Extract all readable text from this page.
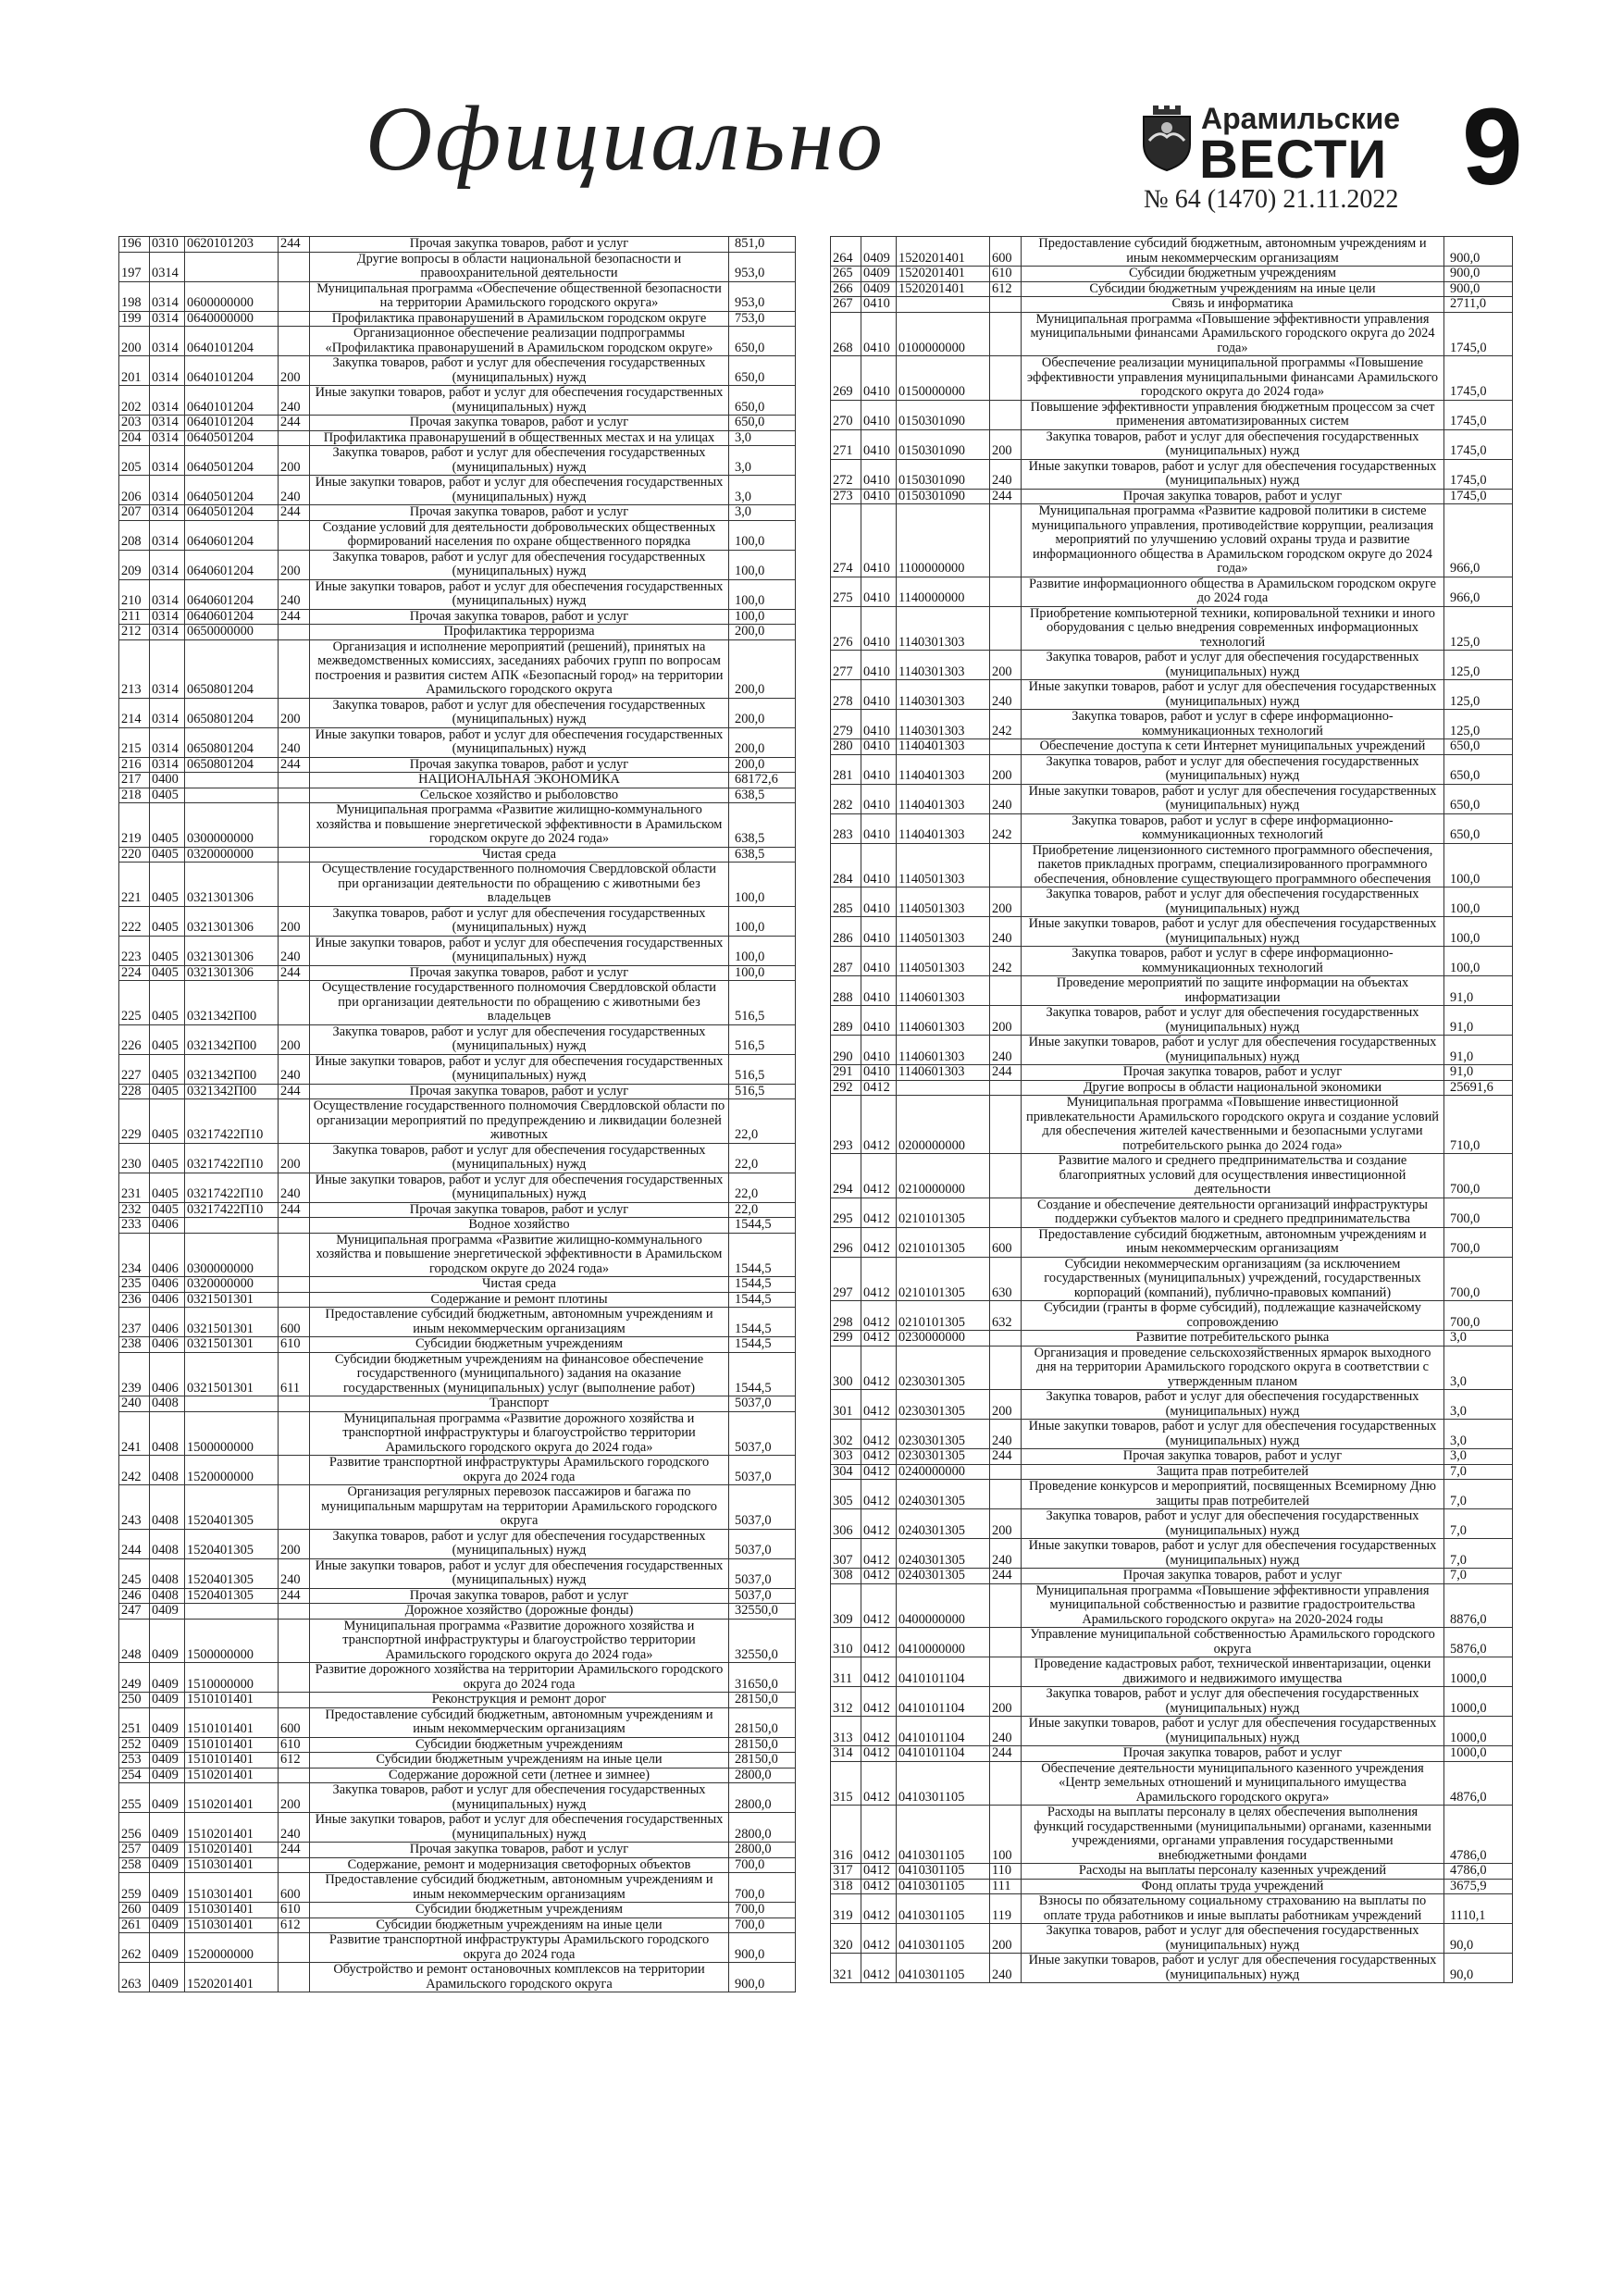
Официально	Арамильские
ВЕСТИ
№ 64 (1470) 21.11.2022 9
196	0310	0620101203	244	Прочая закупка товаров, работ и услуг	851,0
197	0314			Другие вопросы в области национальной безопасности и правоохранительной деятельности	953,0
198	0314	0600000000		Муниципальная программа «Обеспечение общественной безопасности на территории Арамильского городского округа»	953,0
199	0314	0640000000		Профилактика правонарушений в Арамильском городском округе	753,0
200	0314	0640101204		Организационное обеспечение реализации подпрограммы «Профилактика правонарушений в Арамильском городском округе»	650,0
201	0314	0640101204	200	Закупка товаров, работ и услуг для обеспечения государственных (муниципальных) нужд	650,0
202	0314	0640101204	240	Иные закупки товаров, работ и услуг для обеспечения государственных (муниципальных) нужд	650,0
203	0314	0640101204	244	Прочая закупка товаров, работ и услуг	650,0
204	0314	0640501204		Профилактика правонарушений в общественных местах и на улицах	3,0
205	0314	0640501204	200	Закупка товаров, работ и услуг для обеспечения государственных (муниципальных) нужд	3,0
206	0314	0640501204	240	Иные закупки товаров, работ и услуг для обеспечения государственных (муниципальных) нужд	3,0
207	0314	0640501204	244	Прочая закупка товаров, работ и услуг	3,0
208	0314	0640601204		Создание условий для деятельности добровольческих общественных формирований населения по охране общественного порядка	100,0
209	0314	0640601204	200	Закупка товаров, работ и услуг для обеспечения государственных (муниципальных) нужд	100,0
210	0314	0640601204	240	Иные закупки товаров, работ и услуг для обеспечения государственных (муниципальных) нужд	100,0
211	0314	0640601204	244	Прочая закупка товаров, работ и услуг	100,0
212	0314	0650000000		Профилактика терроризма	200,0
213	0314	0650801204		Организация и исполнение мероприятий (решений), принятых на межведомственных комиссиях, заседаниях рабочих групп по вопросам построения и развития систем АПК «Безопасный город» на территории Арамильского городского округа	200,0
214	0314	0650801204	200	Закупка товаров, работ и услуг для обеспечения государственных (муниципальных) нужд	200,0
215	0314	0650801204	240	Иные закупки товаров, работ и услуг для обеспечения государственных (муниципальных) нужд	200,0
216	0314	0650801204	244	Прочая закупка товаров, работ и услуг	200,0
217	0400			НАЦИОНАЛЬНАЯ ЭКОНОМИКА	68172,6
218	0405			Сельское хозяйство и рыболовство	638,5
219	0405	0300000000		Муниципальная программа «Развитие жилищно-коммунального хозяйства и повышение энергетической эффективности в Арамильском городском округе до 2024 года»	638,5
220	0405	0320000000		Чистая среда	638,5
221	0405	0321301306		Осуществление государственного полномочия Свердловской области при организации деятельности по обращению с животными без владельцев	100,0
222	0405	0321301306	200	Закупка товаров, работ и услуг для обеспечения государственных (муниципальных) нужд	100,0
223	0405	0321301306	240	Иные закупки товаров, работ и услуг для обеспечения государственных (муниципальных) нужд	100,0
224	0405	0321301306	244	Прочая закупка товаров, работ и услуг	100,0
225	0405	0321342П00		Осуществление государственного полномочия Свердловской области при организации деятельности по обращению с животными без владельцев	516,5
226	0405	0321342П00	200	Закупка товаров, работ и услуг для обеспечения государственных (муниципальных) нужд	516,5
227	0405	0321342П00	240	Иные закупки товаров, работ и услуг для обеспечения государственных (муниципальных) нужд	516,5
228	0405	0321342П00	244	Прочая закупка товаров, работ и услуг	516,5
229	0405	03217422П10		Осуществление государственного полномочия Свердловской области по организации мероприятий по предупреждению и ликвидации болезней животных	22,0
230	0405	03217422П10	200	Закупка товаров, работ и услуг для обеспечения государственных (муниципальных) нужд	22,0
231	0405	03217422П10	240	Иные закупки товаров, работ и услуг для обеспечения государственных (муниципальных) нужд	22,0
232	0405	03217422П10	244	Прочая закупка товаров, работ и услуг	22,0
233	0406			Водное хозяйство	1544,5
234	0406	0300000000		Муниципальная программа «Развитие жилищно-коммунального хозяйства и повышение энергетической эффективности в Арамильском городском округе до 2024 года»	1544,5
235	0406	0320000000		Чистая среда	1544,5
236	0406	0321501301		Содержание и ремонт плотины	1544,5
237	0406	0321501301	600	Предоставление субсидий бюджетным, автономным учреждениям и иным некоммерческим организациям	1544,5
238	0406	0321501301	610	Субсидии бюджетным учреждениям	1544,5
239	0406	0321501301	611	Субсидии бюджетным учреждениям на финансовое обеспечение государственного (муниципального) задания на оказание государственных (муниципальных) услуг (выполнение работ)	1544,5
240	0408			Транспорт	5037,0
241	0408	1500000000		Муниципальная программа «Развитие дорожного хозяйства и транспортной инфраструктуры и благоустройство территории Арамильского городского округа до 2024 года»	5037,0
242	0408	1520000000		Развитие транспортной инфраструктуры Арамильского городского округа до 2024 года	5037,0
243	0408	1520401305		Организация регулярных перевозок пассажиров и багажа по муниципальным маршрутам на территории Арамильского городского округа	5037,0
244	0408	1520401305	200	Закупка товаров, работ и услуг для обеспечения государственных (муниципальных) нужд	5037,0
245	0408	1520401305	240	Иные закупки товаров, работ и услуг для обеспечения государственных (муниципальных) нужд	5037,0
246	0408	1520401305	244	Прочая закупка товаров, работ и услуг	5037,0
247	0409			Дорожное хозяйство (дорожные фонды)	32550,0
248	0409	1500000000		Муниципальная программа «Развитие дорожного хозяйства и транспортной инфраструктуры и благоустройство территории Арамильского городского округа до 2024 года»	32550,0
249	0409	1510000000		Развитие дорожного хозяйства на территории Арамильского городского округа до 2024 года	31650,0
250	0409	1510101401		Реконструкция и ремонт дорог	28150,0
251	0409	1510101401	600	Предоставление субсидий бюджетным, автономным учреждениям и иным некоммерческим организациям	28150,0
252	0409	1510101401	610	Субсидии бюджетным учреждениям	28150,0
253	0409	1510101401	612	Субсидии бюджетным учреждениям на иные цели	28150,0
254	0409	1510201401		Содержание дорожной сети (летнее и зимнее)	2800,0
255	0409	1510201401	200	Закупка товаров, работ и услуг для обеспечения государственных (муниципальных) нужд	2800,0
256	0409	1510201401	240	Иные закупки товаров, работ и услуг для обеспечения государственных (муниципальных) нужд	2800,0
257	0409	1510201401	244	Прочая закупка товаров, работ и услуг	2800,0
258	0409	1510301401		Содержание, ремонт и модернизация светофорных объектов	700,0
259	0409	1510301401	600	Предоставление субсидий бюджетным, автономным учреждениям и иным некоммерческим организациям	700,0
260	0409	1510301401	610	Субсидии бюджетным учреждениям	700,0
261	0409	1510301401	612	Субсидии бюджетным учреждениям на иные цели	700,0
262	0409	1520000000		Развитие транспортной инфраструктуры Арамильского городского округа до 2024 года	900,0
263	0409	1520201401		Обустройство и ремонт остановочных комплексов на территории Арамильского городского округа	900,0
264	0409	1520201401	600	Предоставление субсидий бюджетным, автономным учреждениям и иным некоммерческим организациям	900,0
265	0409	1520201401	610	Субсидии бюджетным учреждениям	900,0
266	0409	1520201401	612	Субсидии бюджетным учреждениям на иные цели	900,0
267	0410			Связь и информатика	2711,0
268	0410	0100000000		Муниципальная программа «Повышение эффективности управления муниципальными финансами Арамильского городского округа до 2024 года»	1745,0
269	0410	0150000000		Обеспечение реализации муниципальной программы «Повышение эффективности управления муниципальными финансами Арамильского городского округа до 2024 года»	1745,0
270	0410	0150301090		Повышение эффективности управления бюджетным процессом за счет применения автоматизированных систем	1745,0
271	0410	0150301090	200	Закупка товаров, работ и услуг для обеспечения государственных (муниципальных) нужд	1745,0
272	0410	0150301090	240	Иные закупки товаров, работ и услуг для обеспечения государственных (муниципальных) нужд	1745,0
273	0410	0150301090	244	Прочая закупка товаров, работ и услуг	1745,0
274	0410	1100000000		Муниципальная программа «Развитие кадровой политики в системе муниципального управления, противодействие коррупции, реализация мероприятий по улучшению условий охраны труда и развитие информационного общества в Арамильском городском округе до 2024 года»	966,0
275	0410	1140000000		Развитие информационного общества в Арамильском городском округе до 2024 года	966,0
276	0410	1140301303		Приобретение компьютерной техники, копировальной техники и иного оборудования с целью внедрения современных информационных технологий	125,0
277	0410	1140301303	200	Закупка товаров, работ и услуг для обеспечения государственных (муниципальных) нужд	125,0
278	0410	1140301303	240	Иные закупки товаров, работ и услуг для обеспечения государственных (муниципальных) нужд	125,0
279	0410	1140301303	242	Закупка товаров, работ и услуг в сфере информационно-коммуникационных технологий	125,0
280	0410	1140401303		Обеспечение доступа к сети Интернет муниципальных учреждений	650,0
281	0410	1140401303	200	Закупка товаров, работ и услуг для обеспечения государственных (муниципальных) нужд	650,0
282	0410	1140401303	240	Иные закупки товаров, работ и услуг для обеспечения государственных (муниципальных) нужд	650,0
283	0410	1140401303	242	Закупка товаров, работ и услуг в сфере информационно-коммуникационных технологий	650,0
284	0410	1140501303		Приобретение лицензионного системного программного обеспечения, пакетов прикладных программ, специализированного программного обеспечения, обновление существующего программного обеспечения	100,0
285	0410	1140501303	200	Закупка товаров, работ и услуг для обеспечения государственных (муниципальных) нужд	100,0
286	0410	1140501303	240	Иные закупки товаров, работ и услуг для обеспечения государственных (муниципальных) нужд	100,0
287	0410	1140501303	242	Закупка товаров, работ и услуг в сфере информационно-коммуникационных технологий	100,0
288	0410	1140601303		Проведение мероприятий по защите информации на объектах информатизации	91,0
289	0410	1140601303	200	Закупка товаров, работ и услуг для обеспечения государственных (муниципальных) нужд	91,0
290	0410	1140601303	240	Иные закупки товаров, работ и услуг для обеспечения государственных (муниципальных) нужд	91,0
291	0410	1140601303	244	Прочая закупка товаров, работ и услуг	91,0
292	0412			Другие вопросы в области национальной экономики	25691,6
293	0412	0200000000		Муниципальная программа «Повышение инвестиционной привлекательности Арамильского городского округа и создание условий для обеспечения жителей качественными и безопасными услугами потребительского рынка до 2024 года»	710,0
294	0412	0210000000		Развитие малого и среднего предпринимательства и создание благоприятных условий для осуществления инвестиционной деятельности	700,0
295	0412	0210101305		Создание и обеспечение деятельности организаций инфраструктуры поддержки субъектов малого и среднего предпринимательства	700,0
296	0412	0210101305	600	Предоставление субсидий бюджетным, автономным учреждениям и иным некоммерческим организациям	700,0
297	0412	0210101305	630	Субсидии некоммерческим организациям (за исключением государственных (муниципальных) учреждений, государственных корпораций (компаний), публично-правовых компаний)	700,0
298	0412	0210101305	632	Субсидии (гранты в форме субсидий), подлежащие казначейскому сопровождению	700,0
299	0412	0230000000		Развитие потребительского рынка	3,0
300	0412	0230301305		Организация и проведение сельскохозяйственных ярмарок выходного дня на территории Арамильского городского округа в соответствии с утвержденным планом	3,0
301	0412	0230301305	200	Закупка товаров, работ и услуг для обеспечения государственных (муниципальных) нужд	3,0
302	0412	0230301305	240	Иные закупки товаров, работ и услуг для обеспечения государственных (муниципальных) нужд	3,0
303	0412	0230301305	244	Прочая закупка товаров, работ и услуг	3,0
304	0412	0240000000		Защита прав потребителей	7,0
305	0412	0240301305		Проведение конкурсов и мероприятий, посвященных Всемирному Дню защиты прав потребителей	7,0
306	0412	0240301305	200	Закупка товаров, работ и услуг для обеспечения государственных (муниципальных) нужд	7,0
307	0412	0240301305	240	Иные закупки товаров, работ и услуг для обеспечения государственных (муниципальных) нужд	7,0
308	0412	0240301305	244	Прочая закупка товаров, работ и услуг	7,0
309	0412	0400000000		Муниципальная программа «Повышение эффективности управления муниципальной собственностью и развитие градостроительства Арамильского городского округа» на 2020-2024 годы	8876,0
310	0412	0410000000		Управление муниципальной собственностью Арамильского городского округа	5876,0
311	0412	0410101104		Проведение кадастровых работ, технической инвентаризации, оценки движимого и недвижимого имущества	1000,0
312	0412	0410101104	200	Закупка товаров, работ и услуг для обеспечения государственных (муниципальных) нужд	1000,0
313	0412	0410101104	240	Иные закупки товаров, работ и услуг для обеспечения государственных (муниципальных) нужд	1000,0
314	0412	0410101104	244	Прочая закупка товаров, работ и услуг	1000,0
315	0412	0410301105		Обеспечение деятельности муниципального казенного учреждения «Центр земельных отношений и муниципального имущества Арамильского городского округа»	4876,0
316	0412	0410301105	100	Расходы на выплаты персоналу в целях обеспечения выполнения функций государственными (муниципальными) органами, казенными учреждениями, органами управления государственными внебюджетными фондами	4786,0
317	0412	0410301105	110	Расходы на выплаты персоналу казенных учреждений	4786,0
318	0412	0410301105	111	Фонд оплаты труда учреждений	3675,9
319	0412	0410301105	119	Взносы по обязательному социальному страхованию на выплаты по оплате труда работников и иные выплаты работникам учреждений	1110,1
320	0412	0410301105	200	Закупка товаров, работ и услуг для обеспечения государственных (муниципальных) нужд	90,0
321	0412	0410301105	240	Иные закупки товаров, работ и услуг для обеспечения государственных (муниципальных) нужд	90,0
